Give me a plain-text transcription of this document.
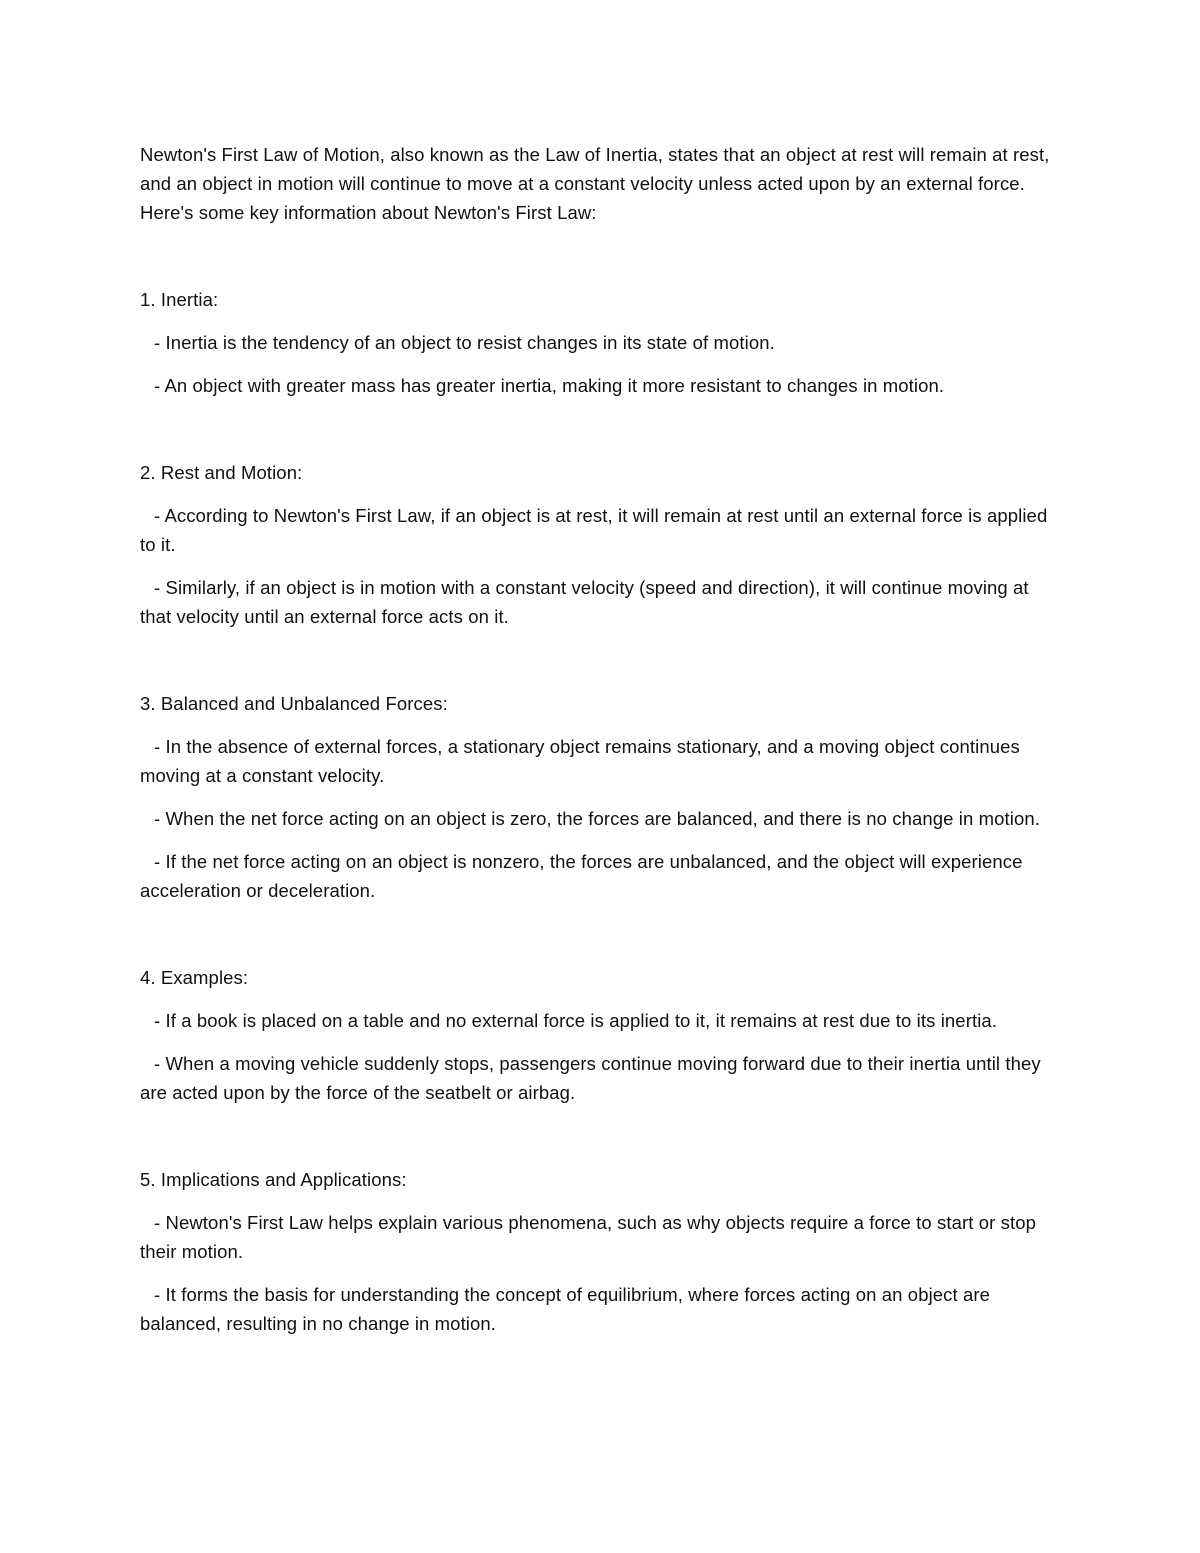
Newton's First Law of Motion, also known as the Law of Inertia, states that an object at rest will remain at rest, and an object in motion will continue to move at a constant velocity unless acted upon by an external force. Here's some key information about Newton's First Law:

1. Inertia:

- Inertia is the tendency of an object to resist changes in its state of motion.

- An object with greater mass has greater inertia, making it more resistant to changes in motion.

2. Rest and Motion:

- According to Newton's First Law, if an object is at rest, it will remain at rest until an external force is applied to it.

- Similarly, if an object is in motion with a constant velocity (speed and direction), it will continue moving at that velocity until an external force acts on it.

3. Balanced and Unbalanced Forces:

- In the absence of external forces, a stationary object remains stationary, and a moving object continues moving at a constant velocity.

- When the net force acting on an object is zero, the forces are balanced, and there is no change in motion.

- If the net force acting on an object is nonzero, the forces are unbalanced, and the object will experience acceleration or deceleration.

4. Examples:

- If a book is placed on a table and no external force is applied to it, it remains at rest due to its inertia.

- When a moving vehicle suddenly stops, passengers continue moving forward due to their inertia until they are acted upon by the force of the seatbelt or airbag.

5. Implications and Applications:

- Newton's First Law helps explain various phenomena, such as why objects require a force to start or stop their motion.

- It forms the basis for understanding the concept of equilibrium, where forces acting on an object are balanced, resulting in no change in motion.
